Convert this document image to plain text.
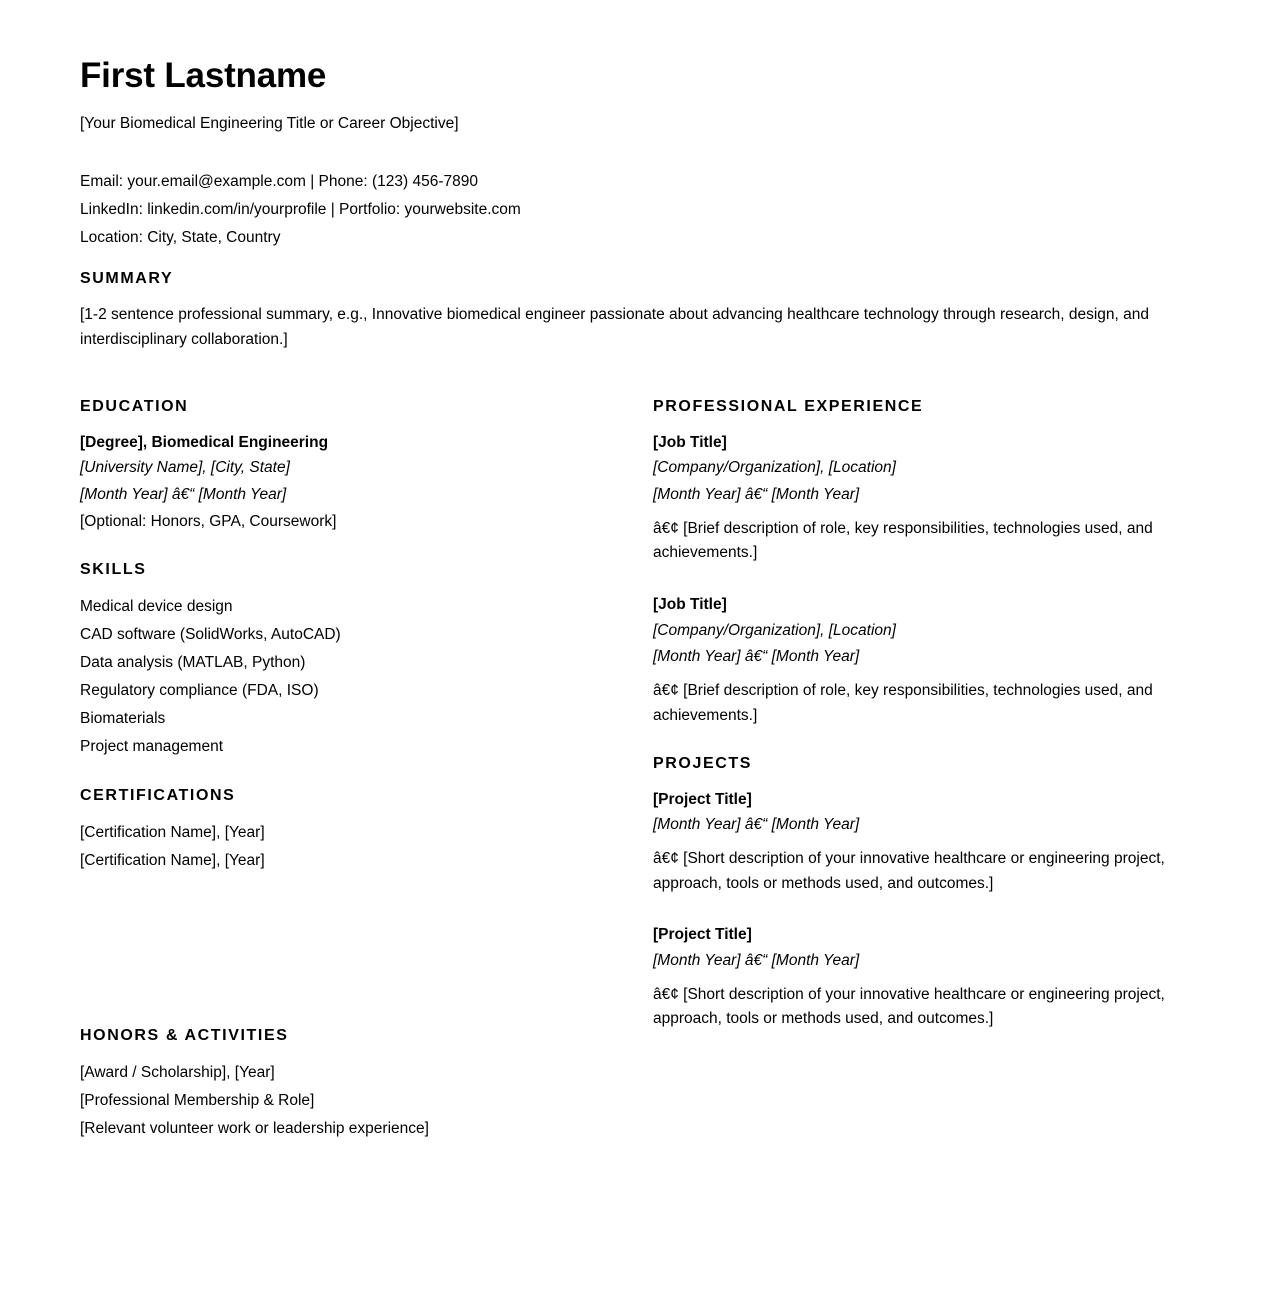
First Lastname

[Your Biomedical Engineering Title or Career Objective]

Email: your.email@example.com | Phone: (123) 456-7890

LinkedIn: linkedin.com/in/yourprofile | Portfolio: yourwebsite.com

Location: City, State, Country

SUMMARY

[1-2 sentence professional summary, e.g., Innovative biomedical engineer passionate about advancing healthcare technology through research, design, and interdisciplinary collaboration.]

EDUCATION

[Degree], Biomedical Engineering

[University Name], [City, State]

[Month Year] â€“ [Month Year]

[Optional: Honors, GPA, Coursework]

SKILLS

Medical device design

CAD software (SolidWorks, AutoCAD)

Data analysis (MATLAB, Python)

Regulatory compliance (FDA, ISO)

Biomaterials

Project management

CERTIFICATIONS

[Certification Name], [Year]

[Certification Name], [Year]

HONORS & ACTIVITIES

[Award / Scholarship], [Year]

[Professional Membership & Role]

[Relevant volunteer work or leadership experience]

PROFESSIONAL EXPERIENCE

[Job Title]

[Company/Organization], [Location]

[Month Year] â€“ [Month Year]

â€¢ [Brief description of role, key responsibilities, technologies used, and achievements.]

[Job Title]

[Company/Organization], [Location]

[Month Year] â€“ [Month Year]

â€¢ [Brief description of role, key responsibilities, technologies used, and achievements.]

PROJECTS

[Project Title]

[Month Year] â€“ [Month Year]

â€¢ [Short description of your innovative healthcare or engineering project, approach, tools or methods used, and outcomes.]

[Project Title]

[Month Year] â€“ [Month Year]

â€¢ [Short description of your innovative healthcare or engineering project, approach, tools or methods used, and outcomes.]
